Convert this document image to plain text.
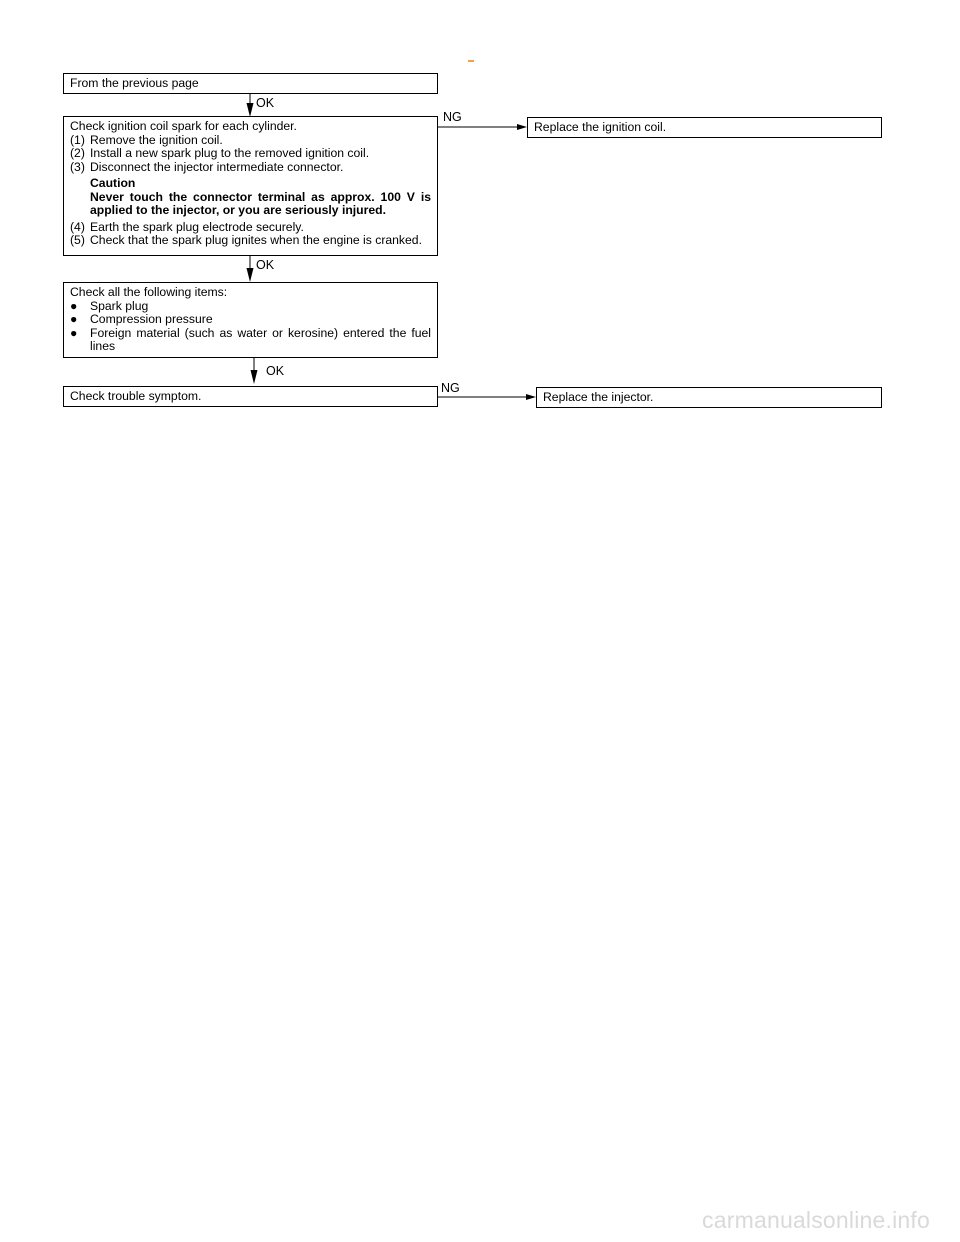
From the previous page
OK
NG
Check ignition coil spark for each cylinder.
(1) Remove the ignition coil.
(2) Install a new spark plug to the removed ignition coil.
(3) Disconnect the injector intermediate connector.
Caution
Never touch the connector terminal as approx. 100 V is
applied to the injector, or you are seriously injured.
(4) Earth the spark plug electrode securely.
(5) Check that the spark plug ignites when the engine is cranked.
Replace the ignition coil.
OK
Check all the following items:
● Spark plug
● Compression pressure
●	Foreign material (such as water or kerosine) entered the fuel
lines
OK
NG
Check trouble symptom.	Replace the injector.
carmanualsonline.info
